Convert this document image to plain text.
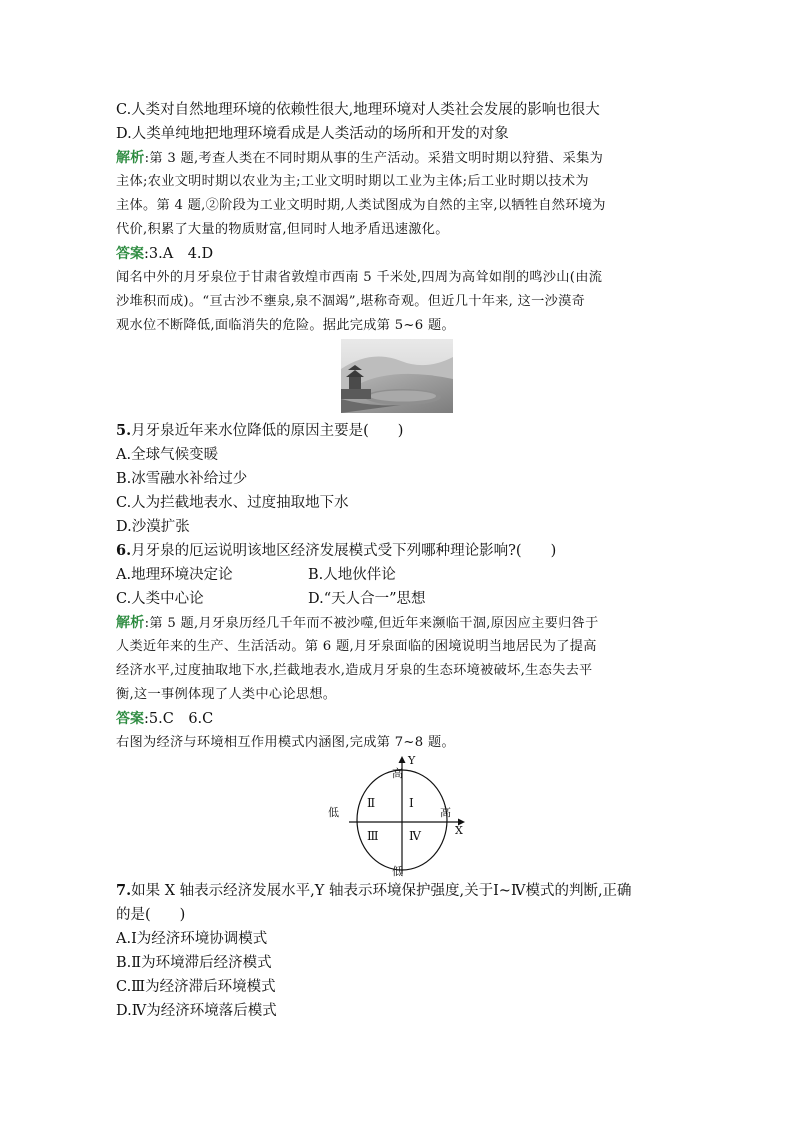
C.人类对自然地理环境的依赖性很大,地理环境对人类社会发展的影响也很大
D.人类单纯地把地理环境看成是人类活动的场所和开发的对象
解析:第 3 题,考查人类在不同时期从事的生产活动。采猎文明时期以狩猎、采集为
主体;农业文明时期以农业为主;工业文明时期以工业为主体;后工业时期以技术为
主体。第 4 题,②阶段为工业文明时期,人类试图成为自然的主宰,以牺牲自然环境为
代价,积累了大量的物质财富,但同时人地矛盾迅速激化。
答案:3.A　4.D
闻名中外的月牙泉位于甘肃省敦煌市西南 5 千米处,四周为高耸如削的鸣沙山(由流
沙堆积而成)。“亘古沙不壅泉,泉不涸竭”,堪称奇观。但近几十年来, 这一沙漠奇
观水位不断降低,面临消失的危险。据此完成第 5~6 题。
5.月牙泉近年来水位降低的原因主要是(　　)
A.全球气候变暖
B.冰雪融水补给过少
C.人为拦截地表水、过度抽取地下水
D.沙漠扩张
6.月牙泉的厄运说明该地区经济发展模式受下列哪种理论影响?(　　)
A.地理环境决定论	B.人地伙伴论
C.人类中心论	D.“天人合一”思想
解析:第 5 题,月牙泉历经几千年而不被沙噬,但近年来濒临干涸,原因应主要归咎于
人类近年来的生产、生活活动。第 6 题,月牙泉面临的困境说明当地居民为了提高
经济水平,过度抽取地下水,拦截地表水,造成月牙泉的生态环境被破坏,生态失去平
衡,这一事例体现了人类中心论思想。
答案:5.C　6.C
右图为经济与环境相互作用模式内涵图,完成第 7~8 题。
Y
高
低	高
X
低
Ⅰ
Ⅱ
Ⅲ	Ⅳ
7.如果 X 轴表示经济发展水平,Y 轴表示环境保护强度,关于Ⅰ~Ⅳ模式的判断,正确
的是(　　)
A.Ⅰ为经济环境协调模式
B.Ⅱ为环境滞后经济模式
C.Ⅲ为经济滞后环境模式
D.Ⅳ为经济环境落后模式
